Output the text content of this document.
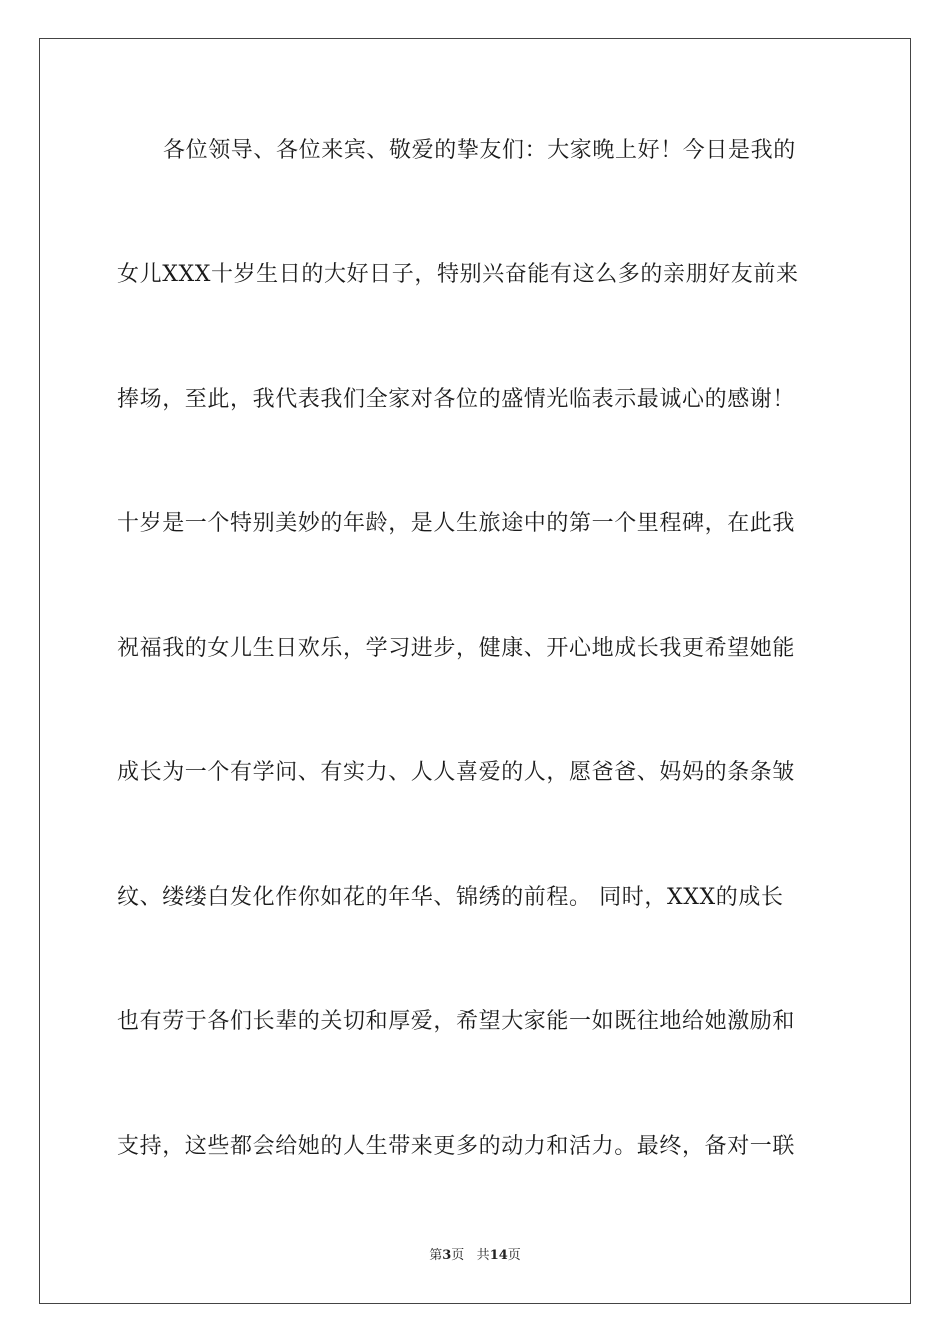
各位领导、各位来宾、敬爱的挚友们：大家晚上好！今日是我的
女儿XXX十岁生日的大好日子，特别兴奋能有这么多的亲朋好友前来
捧场，至此，我代表我们全家对各位的盛情光临表示最诚心的感谢！
十岁是一个特别美妙的年龄，是人生旅途中的第一个里程碑，在此我
祝福我的女儿生日欢乐，学习进步，健康、开心地成长我更希望她能
成长为一个有学问、有实力、人人喜爱的人，愿爸爸、妈妈的条条皱
纹、缕缕白发化作你如花的年华、锦绣的前程。 同时，XXX的成长
也有劳于各们长辈的关切和厚爱，希望大家能一如既往地给她激励和
支持，这些都会给她的人生带来更多的动力和活力。最终，备对一联
第3页 共14页
